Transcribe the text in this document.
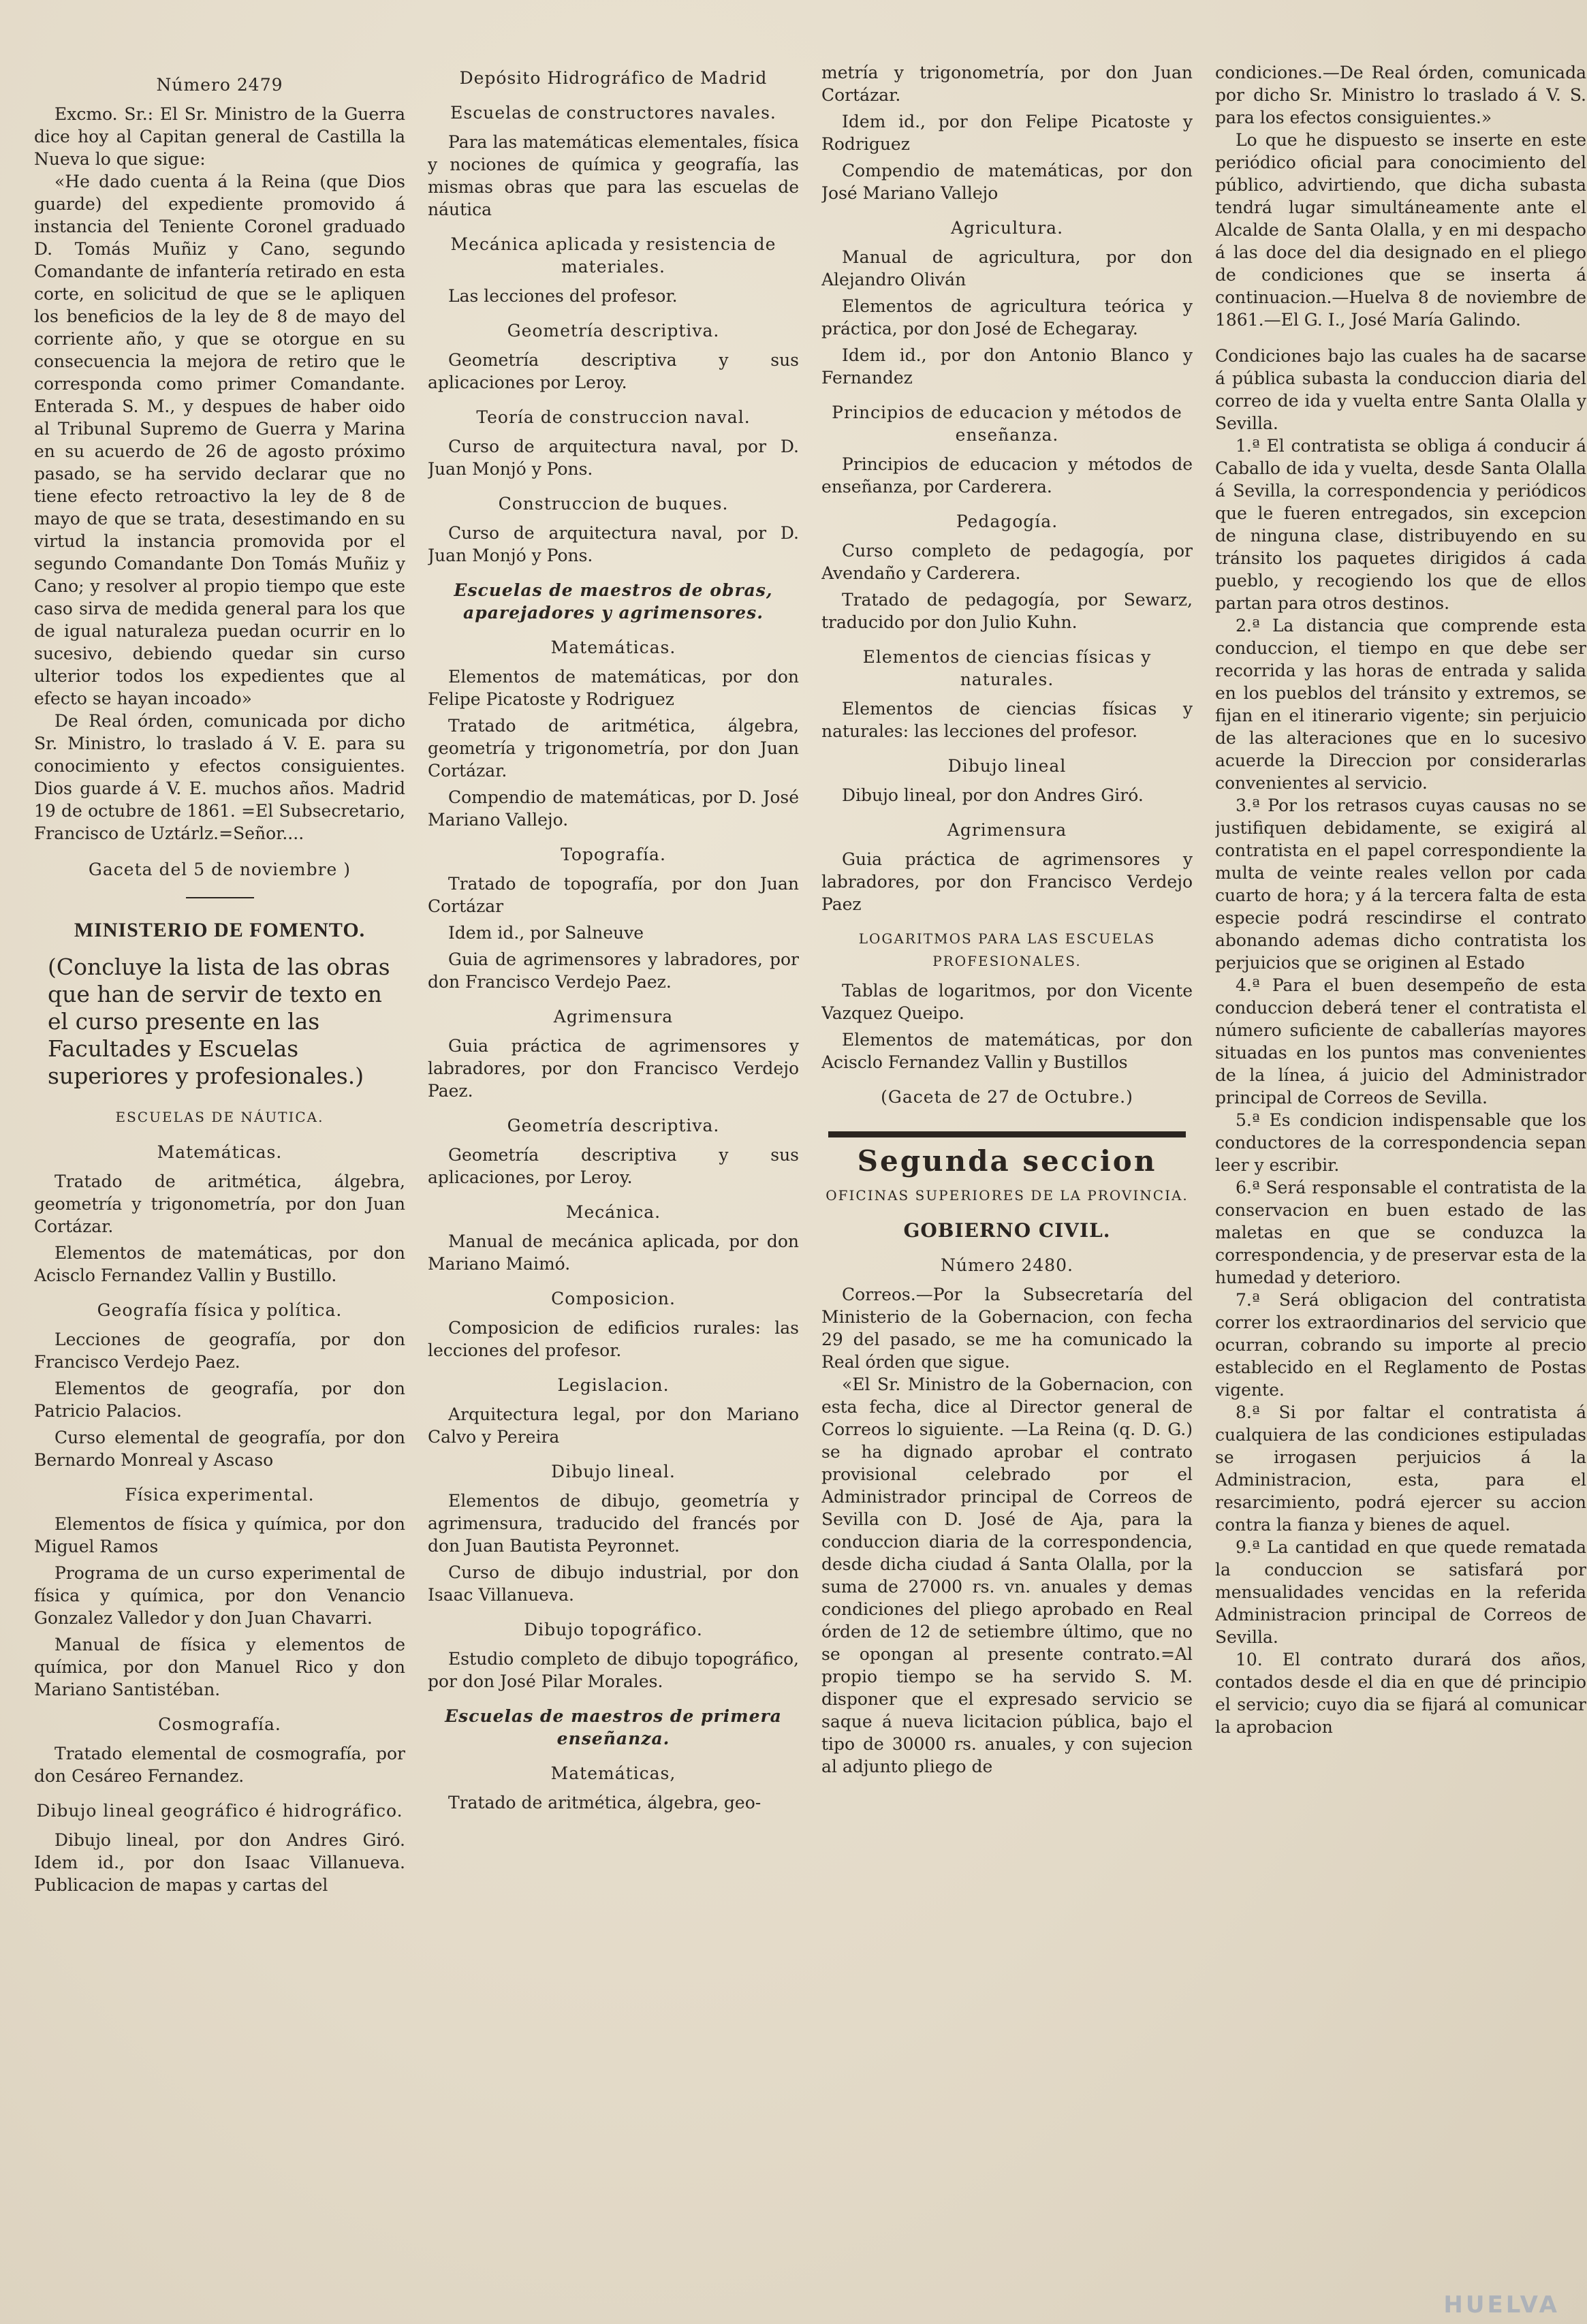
Número 2479

Excmo. Sr.: El Sr. Ministro de la Guerra dice hoy al Capitan general de Castilla la Nueva lo que sigue:

«He dado cuenta á la Reina (que Dios guarde) del expediente promovido á instancia del Teniente Coronel graduado D. Tomás Muñiz y Cano, segundo Comandante de infantería retirado en esta corte, en solicitud de que se le apliquen los beneficios de la ley de 8 de mayo del corriente año, y que se otorgue en su consecuencia la mejora de retiro que le corresponda como primer Comandante. Enterada S. M., y despues de haber oido al Tribunal Supremo de Guerra y Marina en su acuerdo de 26 de agosto próximo pasado, se ha servido declarar que no tiene efecto retroactivo la ley de 8 de mayo de que se trata, desestimando en su virtud la instancia promovida por el segundo Comandante Don Tomás Muñiz y Cano; y resolver al propio tiempo que este caso sirva de medida general para los que de igual naturaleza puedan ocurrir en lo sucesivo, debiendo quedar sin curso ulterior todos los expedientes que al efecto se hayan incoado»

De Real órden, comunicada por dicho Sr. Ministro, lo traslado á V. E. para su conocimiento y efectos consiguientes. Dios guarde á V. E. muchos años. Madrid 19 de octubre de 1861. =El Subsecretario, Francisco de Uztárlz.=Señor....

Gaceta del 5 de noviembre )
MINISTERIO DE FOMENTO.
(Concluye la lista de las obras que han de servir de texto en el curso presente en las Facultades y Escuelas superiores y profesionales.)
ESCUELAS DE NÁUTICA.
Matemáticas.

Tratado de aritmética, álgebra, geometría y trigonometría, por don Juan Cortázar.

Elementos de matemáticas, por don Acisclo Fernandez Vallin y Bustillo.

Geografía física y política.

Lecciones de geografía, por don Francisco Verdejo Paez.

Elementos de geografía, por don Patricio Palacios.

Curso elemental de geografía, por don Bernardo Monreal y Ascaso

Física experimental.

Elementos de física y química, por don Miguel Ramos

Programa de un curso experimental de física y química, por don Venancio Gonzalez Valledor y don Juan Chavarri.

Manual de física y elementos de química, por don Manuel Rico y don Mariano Santistéban.

Cosmografía.

Tratado elemental de cosmografía, por don Cesáreo Fernandez.

Dibujo lineal geográfico é hidrográfico.

Dibujo lineal, por don Andres Giró. Idem id., por don Isaac Villanueva. Publicacion de mapas y cartas del

Depósito Hidrográfico de Madrid
Escuelas de constructores navales.

Para las matemáticas elementales, física y nociones de química y geografía, las mismas obras que para las escuelas de náutica

Mecánica aplicada y resistencia de materiales.

Las lecciones del profesor.

Geometría descriptiva.

Geometría descriptiva y sus aplicaciones por Leroy.

Teoría de construccion naval.

Curso de arquitectura naval, por D. Juan Monjó y Pons.

Construccion de buques.

Curso de arquitectura naval, por D. Juan Monjó y Pons.

Escuelas de maestros de obras, aparejadores y agrimensores.
Matemáticas.

Elementos de matemáticas, por don Felipe Picatoste y Rodriguez

Tratado de aritmética, álgebra, geometría y trigonometría, por don Juan Cortázar.

Compendio de matemáticas, por D. José Mariano Vallejo.

Topografía.

Tratado de topografía, por don Juan Cortázar

Idem id., por Salneuve

Guia de agrimensores y labradores, por don Francisco Verdejo Paez.

Agrimensura

Guia práctica de agrimensores y labradores, por don Francisco Verdejo Paez.

Geometría descriptiva.

Geometría descriptiva y sus aplicaciones, por Leroy.

Mecánica.

Manual de mecánica aplicada, por don Mariano Maimó.

Composicion.

Composicion de edificios rurales: las lecciones del profesor.

Legislacion.

Arquitectura legal, por don Mariano Calvo y Pereira

Dibujo lineal.

Elementos de dibujo, geometría y agrimensura, traducido del francés por don Juan Bautista Peyronnet.

Curso de dibujo industrial, por don Isaac Villanueva.

Dibujo topográfico.

Estudio completo de dibujo topográfico, por don José Pilar Morales.

Escuelas de maestros de primera enseñanza.
Matemáticas,

Tratado de aritmética, álgebra, geo-

metría y trigonometría, por don Juan Cortázar.

Idem id., por don Felipe Picatoste y Rodriguez

Compendio de matemáticas, por don José Mariano Vallejo

Agricultura.

Manual de agricultura, por don Alejandro Oliván

Elementos de agricultura teórica y práctica, por don José de Echegaray.

Idem id., por don Antonio Blanco y Fernandez

Principios de educacion y métodos de enseñanza.

Principios de educacion y métodos de enseñanza, por Carderera.

Pedagogía.

Curso completo de pedagogía, por Avendaño y Carderera.

Tratado de pedagogía, por Sewarz, traducido por don Julio Kuhn.

Elementos de ciencias físicas y naturales.

Elementos de ciencias físicas y naturales: las lecciones del profesor.

Dibujo lineal

Dibujo lineal, por don Andres Giró.

Agrimensura

Guia práctica de agrimensores y labradores, por don Francisco Verdejo Paez

LOGARITMOS PARA LAS ESCUELAS PROFESIONALES.

Tablas de logaritmos, por don Vicente Vazquez Queipo.

Elementos de matemáticas, por don Acisclo Fernandez Vallin y Bustillos

(Gaceta de 27 de Octubre.)
Segunda seccion
OFICINAS SUPERIORES DE LA PROVINCIA.
GOBIERNO CIVIL.
Número 2480.

Correos.—Por la Subsecretaría del Ministerio de la Gobernacion, con fecha 29 del pasado, se me ha comunicado la Real órden que sigue.

«El Sr. Ministro de la Gobernacion, con esta fecha, dice al Director general de Correos lo siguiente. —La Reina (q. D. G.) se ha dignado aprobar el contrato provisional celebrado por el Administrador principal de Correos de Sevilla con D. José de Aja, para la conduccion diaria de la correspondencia, desde dicha ciudad á Santa Olalla, por la suma de 27000 rs. vn. anuales y demas condiciones del pliego aprobado en Real órden de 12 de setiembre último, que no se opongan al presente contrato.=Al propio tiempo se ha servido S. M. disponer que el expresado servicio se saque á nueva licitacion pública, bajo el tipo de 30000 rs. anuales, y con sujecion al adjunto pliego de

condiciones.—De Real órden, comunicada por dicho Sr. Ministro lo traslado á V. S. para los efectos consiguientes.»

Lo que he dispuesto se inserte en este periódico oficial para conocimiento del público, advirtiendo, que dicha subasta tendrá lugar simultáneamente ante el Alcalde de Santa Olalla, y en mi despacho á las doce del dia designado en el pliego de condiciones que se inserta á continuacion.—Huelva 8 de noviembre de 1861.—El G. I., José María Galindo.

Condiciones bajo las cuales ha de sacarse á pública subasta la conduccion diaria del correo de ida y vuelta entre Santa Olalla y Sevilla.

1.ª El contratista se obliga á conducir á Caballo de ida y vuelta, desde Santa Olalla á Sevilla, la correspondencia y periódicos que le fueren entregados, sin excepcion de ninguna clase, distribuyendo en su tránsito los paquetes dirigidos á cada pueblo, y recogiendo los que de ellos partan para otros destinos.

2.ª La distancia que comprende esta conduccion, el tiempo en que debe ser recorrida y las horas de entrada y salida en los pueblos del tránsito y extremos, se fijan en el itinerario vigente; sin perjuicio de las alteraciones que en lo sucesivo acuerde la Direccion por considerarlas convenientes al servicio.

3.ª Por los retrasos cuyas causas no se justifiquen debidamente, se exigirá al contratista en el papel correspondiente la multa de veinte reales vellon por cada cuarto de hora; y á la tercera falta de esta especie podrá rescindirse el contrato abonando ademas dicho contratista los perjuicios que se originen al Estado

4.ª Para el buen desempeño de esta conduccion deberá tener el contratista el número suficiente de caballerías mayores situadas en los puntos mas convenientes de la línea, á juicio del Administrador principal de Correos de Sevilla.

5.ª Es condicion indispensable que los conductores de la correspondencia sepan leer y escribir.

6.ª Será responsable el contratista de la conservacion en buen estado de las maletas en que se conduzca la correspondencia, y de preservar esta de la humedad y deterioro.

7.ª Será obligacion del contratista correr los extraordinarios del servicio que ocurran, cobrando su importe al precio establecido en el Reglamento de Postas vigente.

8.ª Si por faltar el contratista á cualquiera de las condiciones estipuladas se irrogasen perjuicios á la Administracion, esta, para el resarcimiento, podrá ejercer su accion contra la fianza y bienes de aquel.

9.ª La cantidad en que quede rematada la conduccion se satisfará por mensualidades vencidas en la referida Administracion principal de Correos de Sevilla.

10. El contrato durará dos años, contados desde el dia en que dé principio el servicio; cuyo dia se fijará al comunicar la aprobacion

HUELVA
